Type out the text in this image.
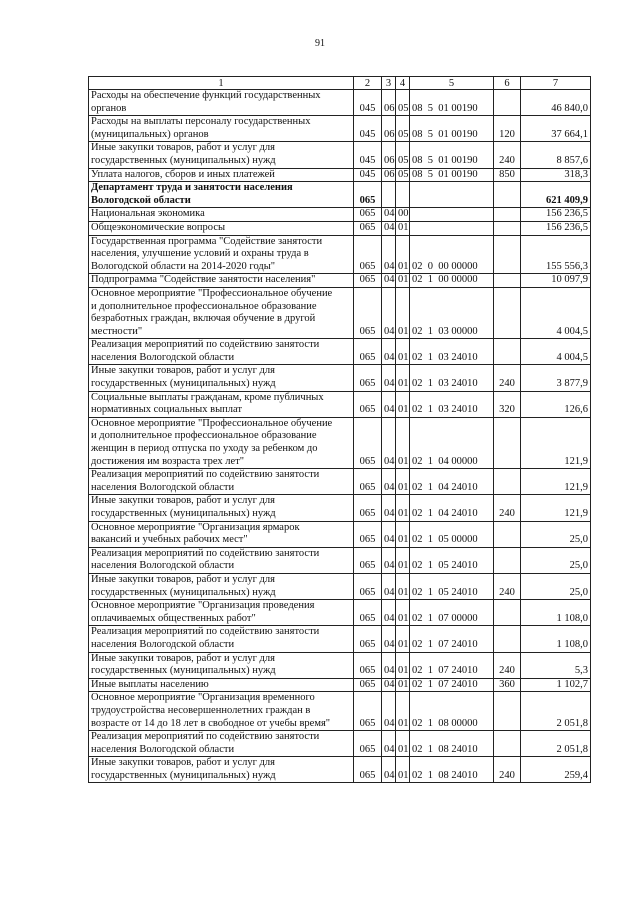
91
1	2	3	4	5	6	7
Расходы на обеспечение функций государственных
органов	045	06	05	08  5  01 00190		46 840,0
Расходы на выплаты персоналу государственных
(муниципальных) органов	045	06	05	08  5  01 00190	120	37 664,1
Иные закупки товаров, работ и услуг для
государственных (муниципальных) нужд	045	06	05	08  5  01 00190	240	8 857,6
Уплата налогов, сборов и иных платежей	045	06	05	08  5  01 00190	850	318,3
Департамент труда и занятости населения
Вологодской области	065					621 409,9
Национальная экономика	065	04	00			156 236,5
Общеэкономические вопросы	065	04	01			156 236,5
Государственная программа "Содействие занятости
населения, улучшение условий и охраны труда в
Вологодской области на 2014-2020 годы"	065	04	01	02  0  00 00000		155 556,3
Подпрограмма "Содействие занятости населения"	065	04	01	02  1  00 00000		10 097,9
Основное мероприятие "Профессиональное обучение
и дополнительное профессиональное образование
безработных граждан, включая обучение в другой
местности"	065	04	01	02  1  03 00000		4 004,5
Реализация мероприятий по содействию занятости
населения Вологодской области	065	04	01	02  1  03 24010		4 004,5
Иные закупки товаров, работ и услуг для
государственных (муниципальных) нужд	065	04	01	02  1  03 24010	240	3 877,9
Социальные выплаты гражданам, кроме публичных
нормативных социальных выплат	065	04	01	02  1  03 24010	320	126,6
Основное мероприятие "Профессиональное обучение
и дополнительное профессиональное образование
женщин в период отпуска по уходу за ребенком до
достижения им возраста трех лет"	065	04	01	02  1  04 00000		121,9
Реализация мероприятий по содействию занятости
населения Вологодской области	065	04	01	02  1  04 24010		121,9
Иные закупки товаров, работ и услуг для
государственных (муниципальных) нужд	065	04	01	02  1  04 24010	240	121,9
Основное мероприятие "Организация ярмарок
вакансий и учебных рабочих мест"	065	04	01	02  1  05 00000		25,0
Реализация мероприятий по содействию занятости
населения Вологодской области	065	04	01	02  1  05 24010		25,0
Иные закупки товаров, работ и услуг для
государственных (муниципальных) нужд	065	04	01	02  1  05 24010	240	25,0
Основное мероприятие "Организация проведения
оплачиваемых общественных работ"	065	04	01	02  1  07 00000		1 108,0
Реализация мероприятий по содействию занятости
населения Вологодской области	065	04	01	02  1  07 24010		1 108,0
Иные закупки товаров, работ и услуг для
государственных (муниципальных) нужд	065	04	01	02  1  07 24010	240	5,3
Иные выплаты населению	065	04	01	02  1  07 24010	360	1 102,7
Основное мероприятие "Организация временного
трудоустройства несовершеннолетних граждан в
возрасте от 14 до 18 лет в свободное от учебы время"	065	04	01	02  1  08 00000		2 051,8
Реализация мероприятий по содействию занятости
населения Вологодской области	065	04	01	02  1  08 24010		2 051,8
Иные закупки товаров, работ и услуг для
государственных (муниципальных) нужд	065	04	01	02  1  08 24010	240	259,4
